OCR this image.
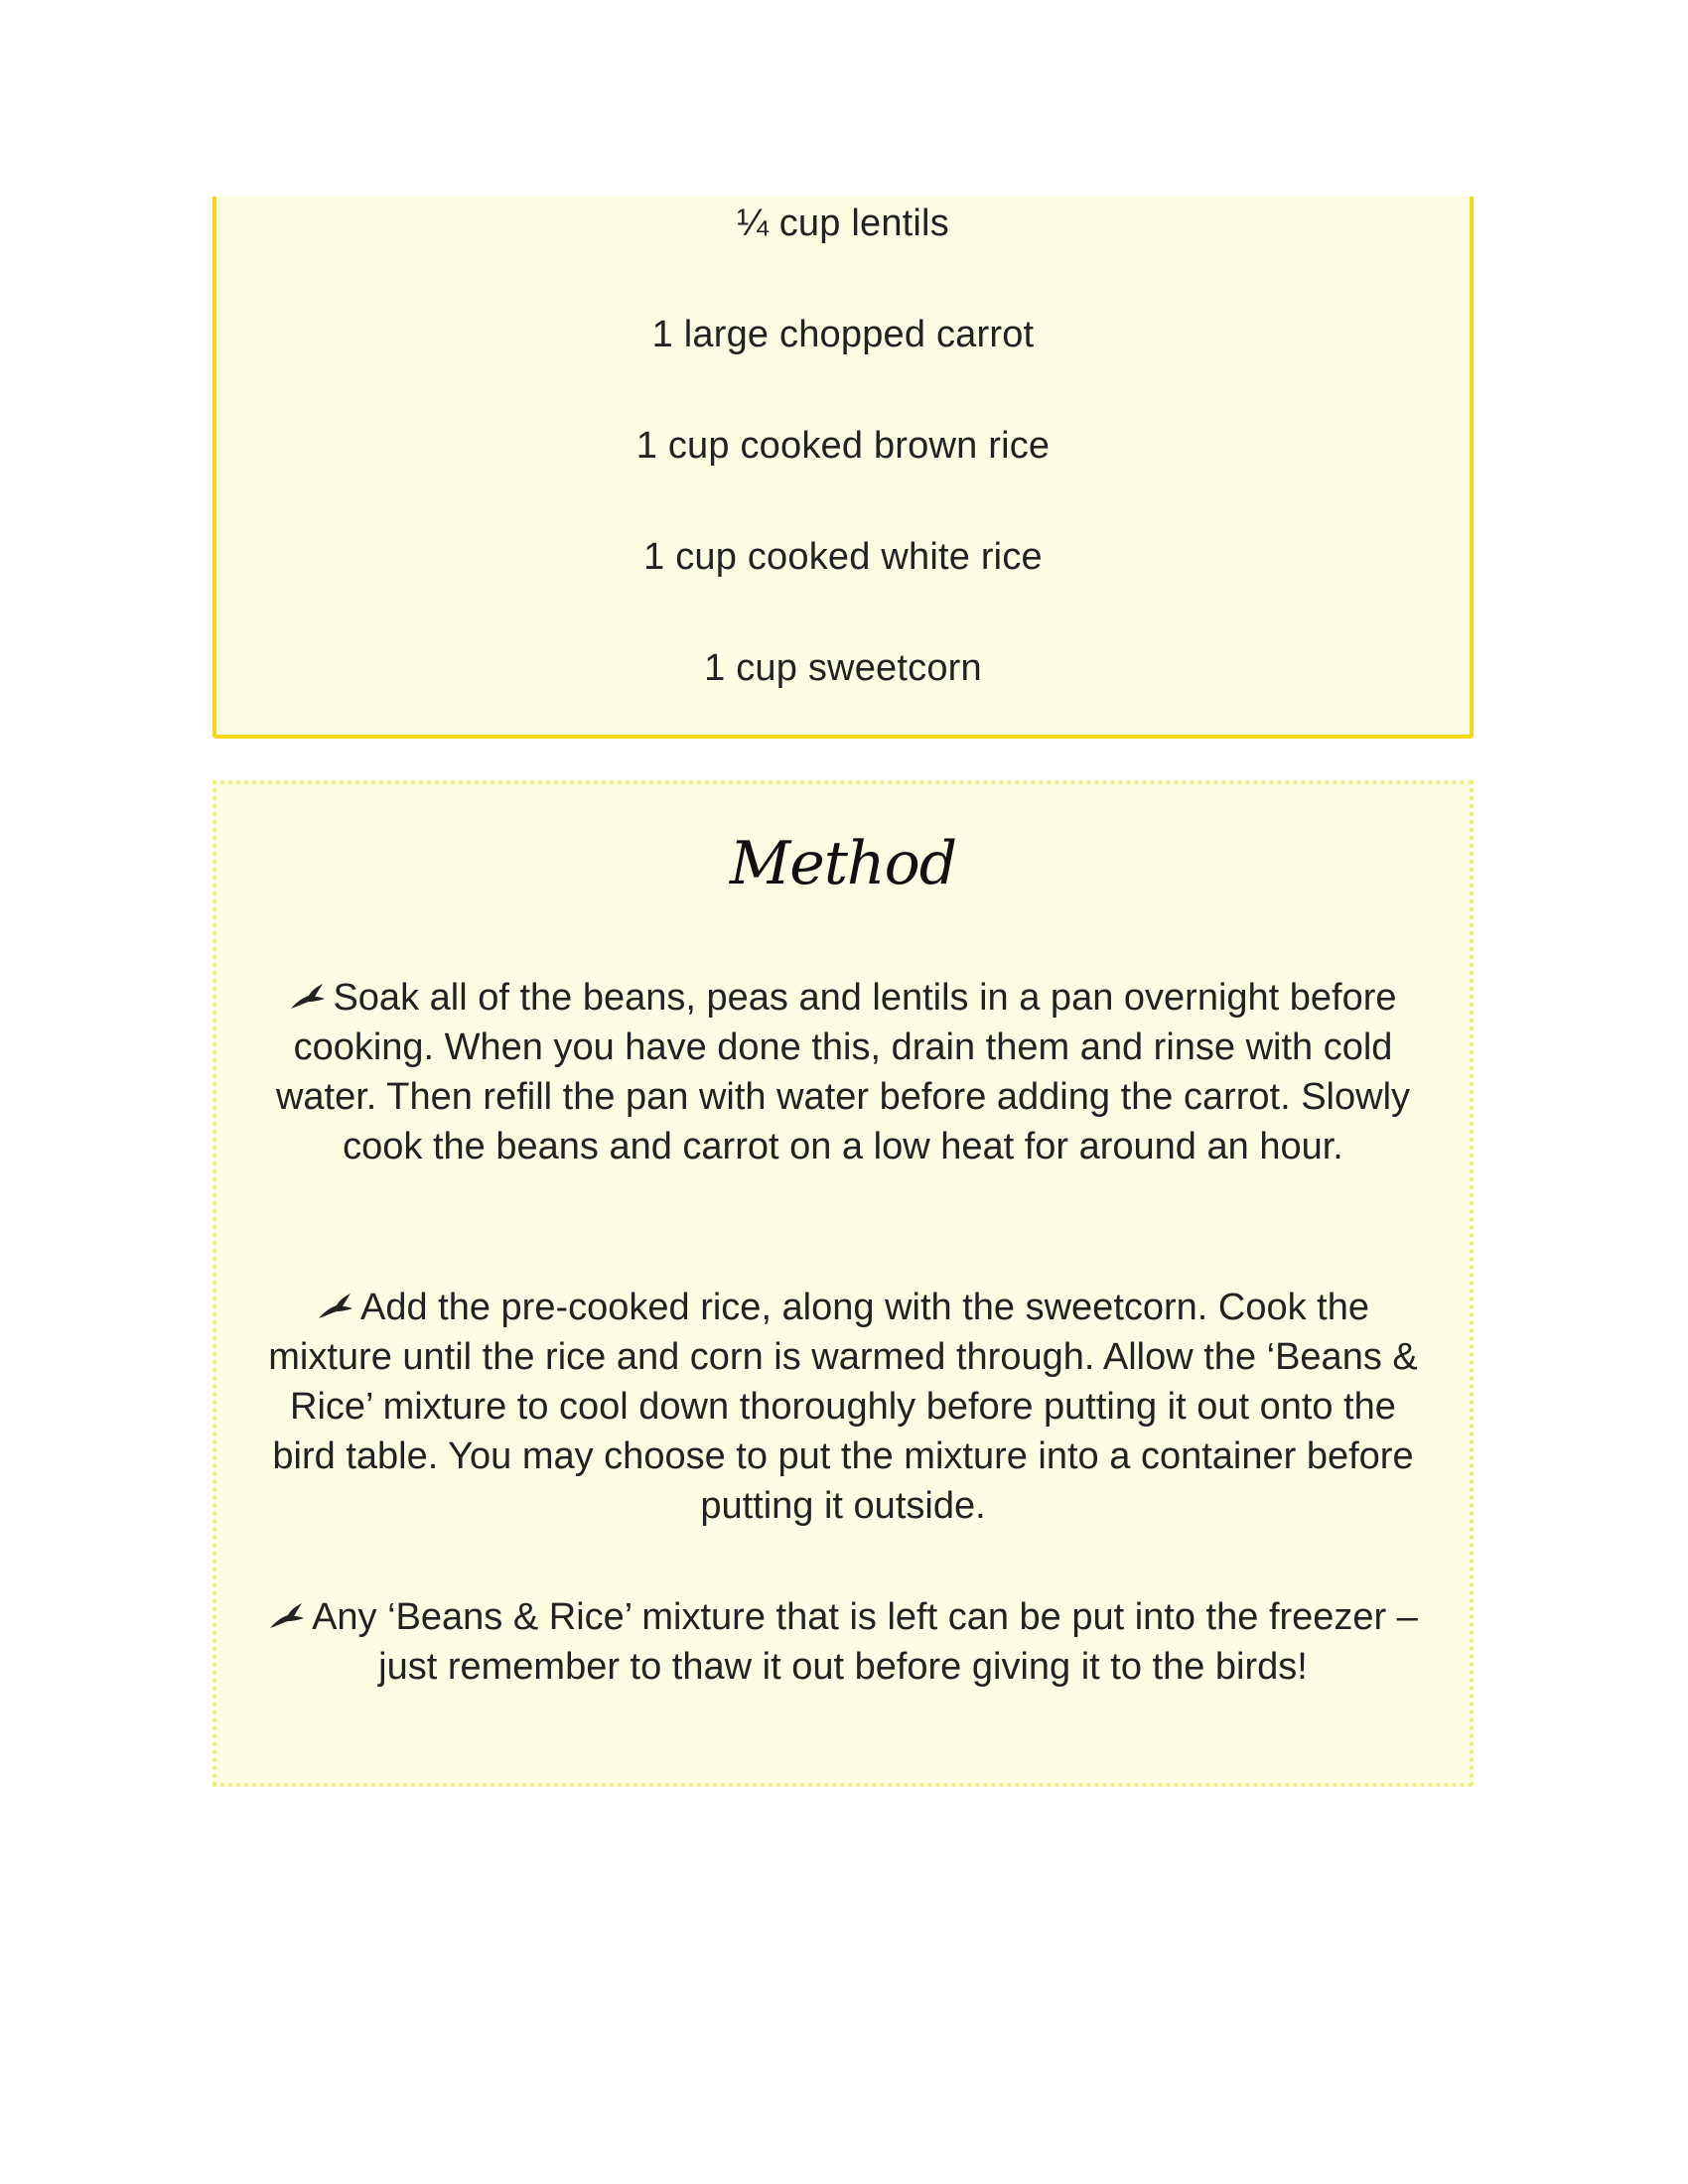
¼ cup lentils
1 large chopped carrot
1 cup cooked brown rice
1 cup cooked white rice
1 cup sweetcorn
Method
Soak all of the beans, peas and lentils in a pan overnight before cooking. When you have done this, drain them and rinse with cold water. Then refill the pan with water before adding the carrot. Slowly cook the beans and carrot on a low heat for around an hour.
Add the pre-cooked rice, along with the sweetcorn. Cook the mixture until the rice and corn is warmed through. Allow the ‘Beans & Rice’ mixture to cool down thoroughly before putting it out onto the bird table. You may choose to put the mixture into a container before putting it outside.
Any ‘Beans & Rice’ mixture that is left can be put into the freezer – just remember to thaw it out before giving it to the birds!
